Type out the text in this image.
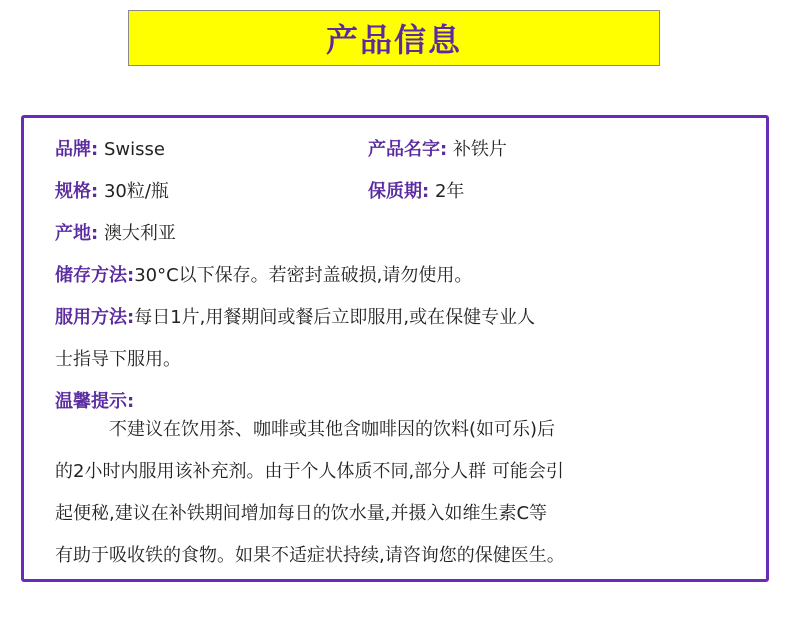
产品信息
品牌: Swisse	产品名字: 补铁片
规格: 30粒/瓶	保质期: 2年
产地: 澳大利亚
储存方法:30°C以下保存。若密封盖破损,请勿使用。
服用方法:每日1片,用餐期间或餐后立即服用,或在保健专业人
士指导下服用。
温馨提示:
不建议在饮用茶、咖啡或其他含咖啡因的饮料(如可乐)后
的2小时内服用该补充剂。由于个人体质不同,部分人群 可能会引
起便秘,建议在补铁期间增加每日的饮水量,并摄入如维生素C等
有助于吸收铁的食物。如果不适症状持续,请咨询您的保健医生。
